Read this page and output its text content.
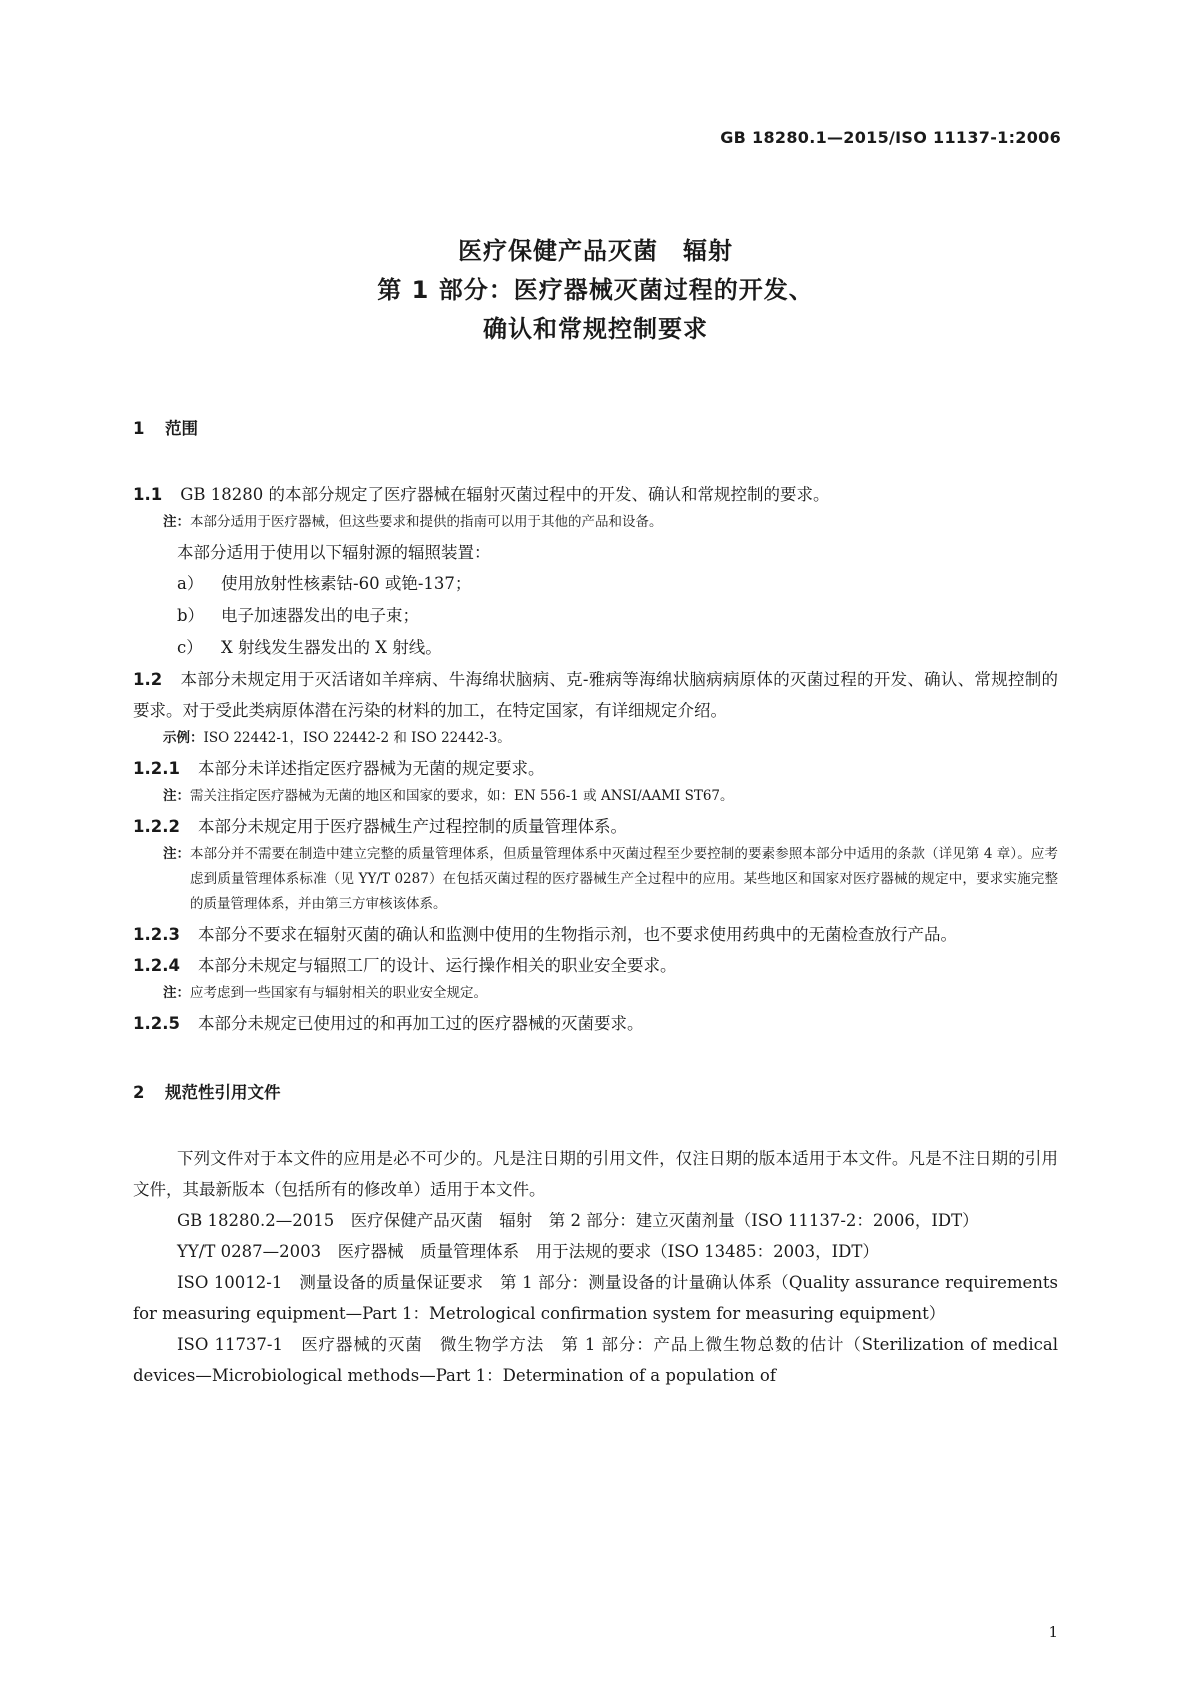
GB 18280.1—2015/ISO 11137-1:2006
医疗保健产品灭菌　辐射
第 1 部分：医疗器械灭菌过程的开发、
确认和常规控制要求
1 范围

1.1 GB 18280 的本部分规定了医疗器械在辐射灭菌过程中的开发、确认和常规控制的要求。

注： 本部分适用于医疗器械，但这些要求和提供的指南可以用于其他的产品和设备。

本部分适用于使用以下辐射源的辐照装置：

a） 使用放射性核素钴-60 或铯-137；

b） 电子加速器发出的电子束；

c） X 射线发生器发出的 X 射线。

1.2 本部分未规定用于灭活诸如羊痒病、牛海绵状脑病、克-雅病等海绵状脑病病原体的灭菌过程的开发、确认、常规控制的要求。对于受此类病原体潜在污染的材料的加工，在特定国家，有详细规定介绍。

示例： ISO 22442-1，ISO 22442-2 和 ISO 22442-3。

1.2.1 本部分未详述指定医疗器械为无菌的规定要求。

注： 需关注指定医疗器械为无菌的地区和国家的要求，如：EN 556-1 或 ANSI/AAMI ST67。

1.2.2 本部分未规定用于医疗器械生产过程控制的质量管理体系。

注： 本部分并不需要在制造中建立完整的质量管理体系，但质量管理体系中灭菌过程至少要控制的要素参照本部分中适用的条款（详见第 4 章）。应考虑到质量管理体系标准（见 YY/T 0287）在包括灭菌过程的医疗器械生产全过程中的应用。某些地区和国家对医疗器械的规定中，要求实施完整的质量管理体系，并由第三方审核该体系。

1.2.3 本部分不要求在辐射灭菌的确认和监测中使用的生物指示剂，也不要求使用药典中的无菌检查放行产品。

1.2.4 本部分未规定与辐照工厂的设计、运行操作相关的职业安全要求。

注： 应考虑到一些国家有与辐射相关的职业安全规定。

1.2.5 本部分未规定已使用过的和再加工过的医疗器械的灭菌要求。

2 规范性引用文件

下列文件对于本文件的应用是必不可少的。凡是注日期的引用文件，仅注日期的版本适用于本文件。凡是不注日期的引用文件，其最新版本（包括所有的修改单）适用于本文件。

GB 18280.2—2015　医疗保健产品灭菌　辐射　第 2 部分：建立灭菌剂量（ISO 11137-2：2006，IDT）

YY/T 0287—2003　医疗器械　质量管理体系　用于法规的要求（ISO 13485：2003，IDT）

ISO 10012-1　测量设备的质量保证要求　第 1 部分：测量设备的计量确认体系（Quality assurance requirements for measuring equipment—Part 1：Metrological confirmation system for measuring equipment）

ISO 11737-1　医疗器械的灭菌　微生物学方法　第 1 部分：产品上微生物总数的估计（Sterilization of medical devices—Microbiological methods—Part 1：Determination of a population of

1
